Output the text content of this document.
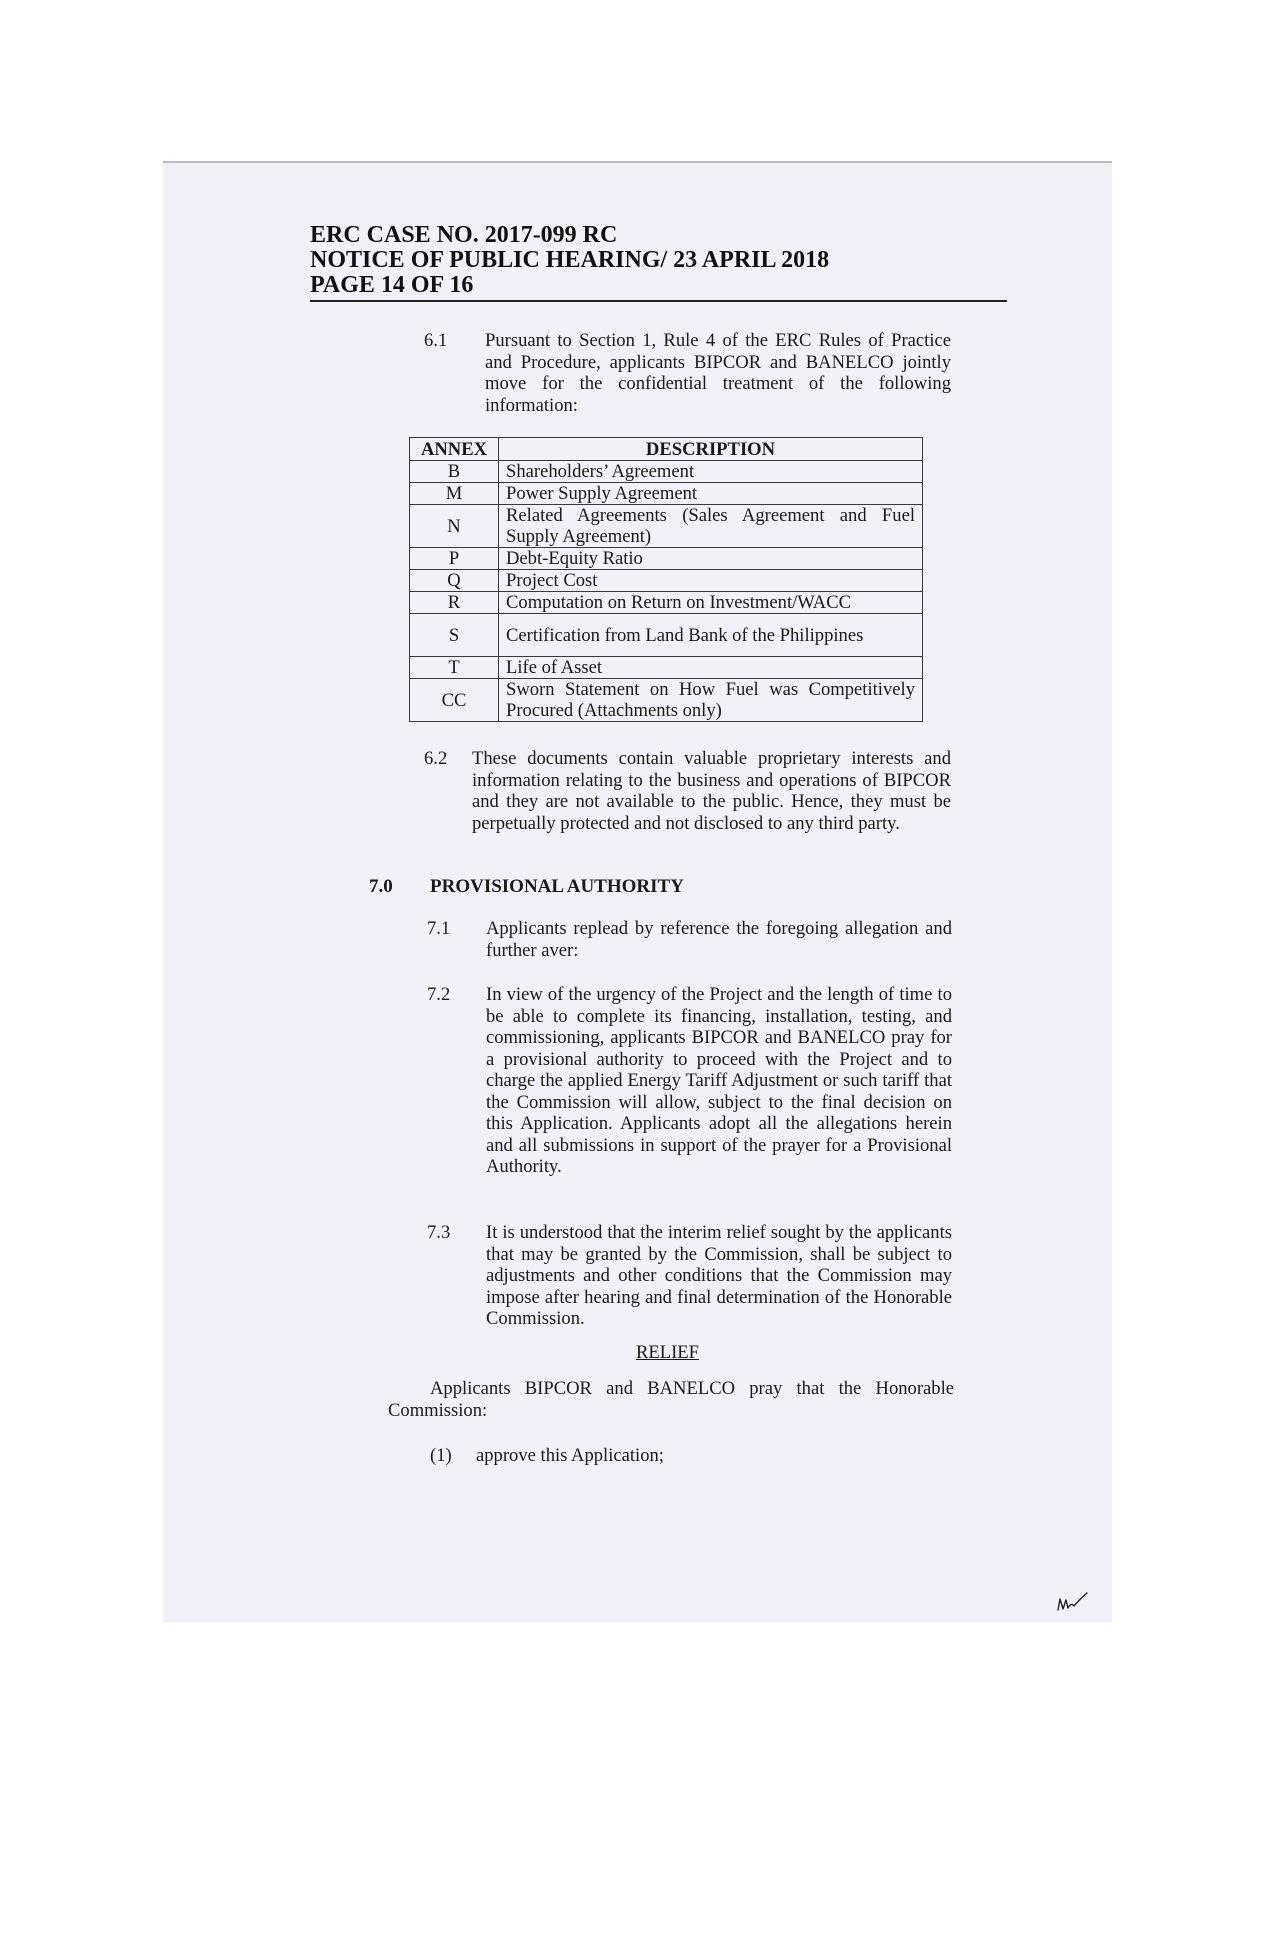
ERC CASE NO. 2017-099 RC
NOTICE OF PUBLIC HEARING/ 23 APRIL 2018
PAGE 14 OF 16
6.1 Pursuant to Section 1, Rule 4 of the ERC Rules of Practice and Procedure, applicants BIPCOR and BANELCO jointly move for the confidential treatment of the following information:
ANNEX	DESCRIPTION
B	Shareholders’ Agreement
M	Power Supply Agreement
N	Related Agreements (Sales Agreement and Fuel Supply Agreement)
P	Debt-Equity Ratio
Q	Project Cost
R	Computation on Return on Investment/WACC
S	Certification from Land Bank of the Philippines
T	Life of Asset
CC	Sworn Statement on How Fuel was Competitively Procured (Attachments only)
6.2 These documents contain valuable proprietary interests and information relating to the business and operations of BIPCOR and they are not available to the public. Hence, they must be perpetually protected and not disclosed to any third party.
7.0 PROVISIONAL AUTHORITY
7.1 Applicants replead by reference the foregoing allegation and further aver:
7.2 In view of the urgency of the Project and the length of time to be able to complete its financing, installation, testing, and commissioning, applicants BIPCOR and BANELCO pray for a provisional authority to proceed with the Project and to charge the applied Energy Tariff Adjustment or such tariff that the Commission will allow, subject to the final decision on this Application. Applicants adopt all the allegations herein and all submissions in support of the prayer for a Provisional Authority.
7.3 It is understood that the interim relief sought by the applicants that may be granted by the Commission, shall be subject to adjustments and other conditions that the Commission may impose after hearing and final determination of the Honorable Commission.
RELIEF
Applicants BIPCOR and BANELCO pray that the Honorable Commission:
(1) approve this Application;
